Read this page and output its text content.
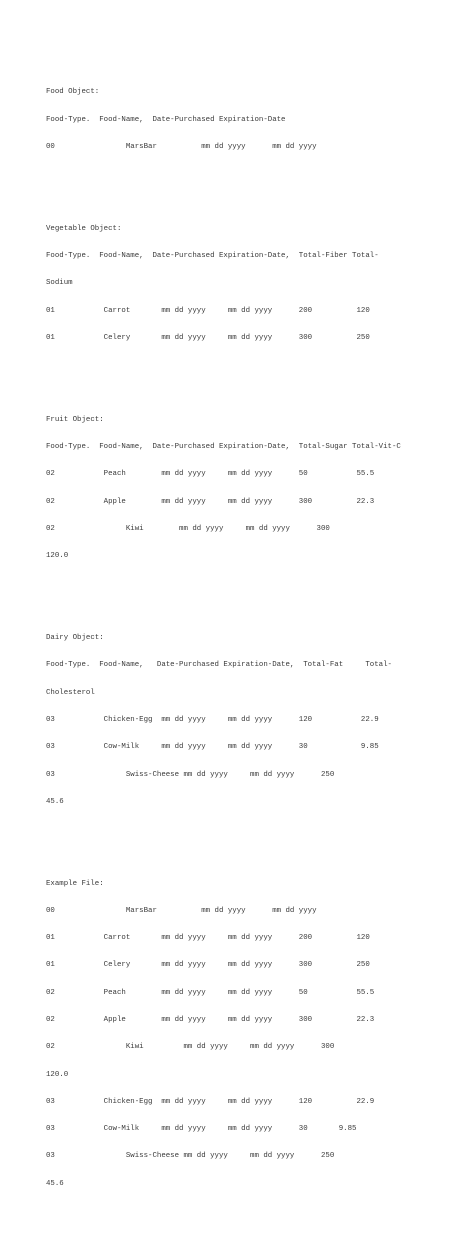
Food Object:

Food-Type.  Food-Name,  Date-Purchased Expiration-Date

00                MarsBar          mm dd yyyy      mm dd yyyy

Vegetable Object:

Food-Type.  Food-Name,  Date-Purchased Expiration-Date,  Total-Fiber Total-

Sodium

01           Carrot       mm dd yyyy     mm dd yyyy      200          120

01           Celery       mm dd yyyy     mm dd yyyy      300          250

Fruit Object:

Food-Type.  Food-Name,  Date-Purchased Expiration-Date,  Total-Sugar Total-Vit-C

02           Peach        mm dd yyyy     mm dd yyyy      50           55.5

02           Apple        mm dd yyyy     mm dd yyyy      300          22.3

02                Kiwi        mm dd yyyy     mm dd yyyy      300

120.0

Dairy Object:

Food-Type.  Food-Name,   Date-Purchased Expiration-Date,  Total-Fat     Total-

Cholesterol

03           Chicken-Egg  mm dd yyyy     mm dd yyyy      120           22.9

03           Cow-Milk     mm dd yyyy     mm dd yyyy      30            9.85

03                Swiss-Cheese mm dd yyyy     mm dd yyyy      250

45.6

Example File:

00                MarsBar          mm dd yyyy      mm dd yyyy

01           Carrot       mm dd yyyy     mm dd yyyy      200          120

01           Celery       mm dd yyyy     mm dd yyyy      300          250

02           Peach        mm dd yyyy     mm dd yyyy      50           55.5

02           Apple        mm dd yyyy     mm dd yyyy      300          22.3

02                Kiwi         mm dd yyyy     mm dd yyyy      300

120.0

03           Chicken-Egg  mm dd yyyy     mm dd yyyy      120          22.9

03           Cow-Milk     mm dd yyyy     mm dd yyyy      30       9.85

03                Swiss-Cheese mm dd yyyy     mm dd yyyy      250

45.6
